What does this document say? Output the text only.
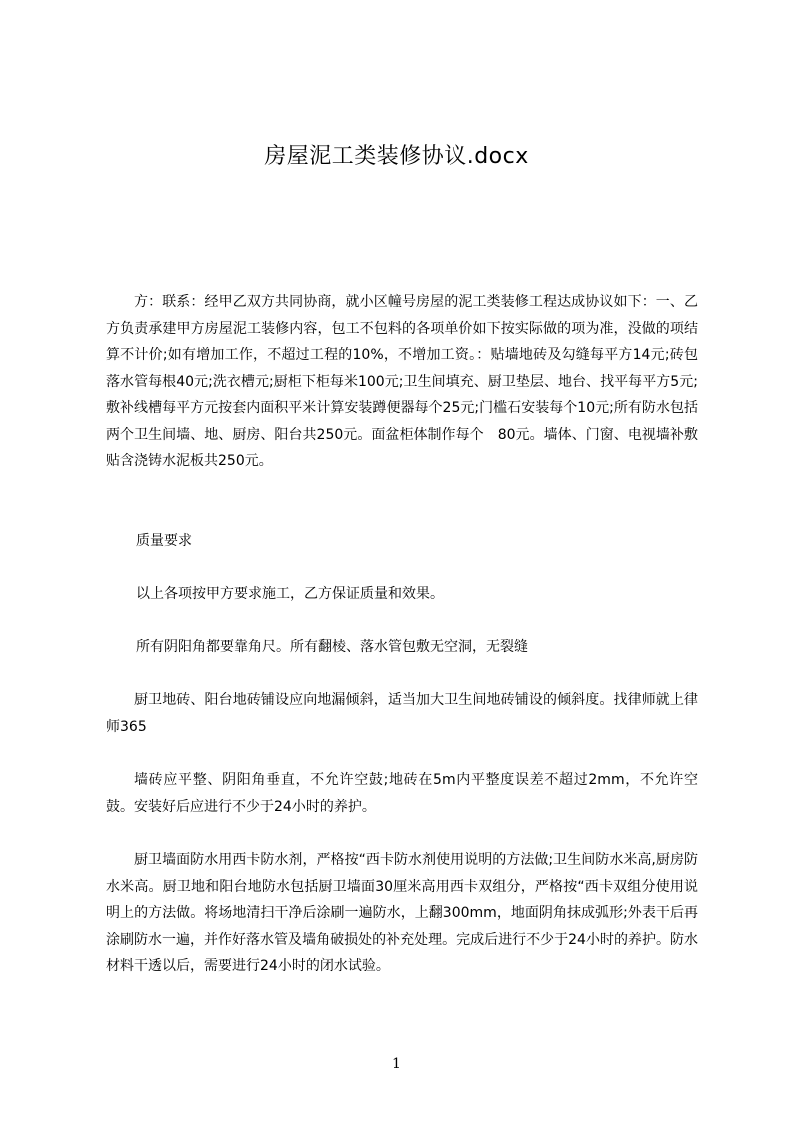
房屋泥工类装修协议.docx

方：联系：经甲乙双方共同协商，就小区幢号房屋的泥工类装修工程达成协议如下：一、乙方负责承建甲方房屋泥工装修内容，包工不包料的各项单价如下按实际做的项为准，没做的项结算不计价;如有增加工作，不超过工程的10%，不增加工资。：贴墙地砖及勾缝每平方14元;砖包落水管每根40元;洗衣槽元;厨柜下柜每米100元;卫生间填充、厨卫垫层、地台、找平每平方5元;敷补线槽每平方元按套内面积平米计算安装蹲便器每个25元;门槛石安装每个10元;所有防水包括两个卫生间墙、地、厨房、阳台共250元。面盆柜体制作每个　80元。墙体、门窗、电视墙补敷贴含浇铸水泥板共250元。

质量要求

以上各项按甲方要求施工，乙方保证质量和效果。

所有阴阳角都要靠角尺。所有翻棱、落水管包敷无空洞，无裂缝

厨卫地砖、阳台地砖铺设应向地漏倾斜，适当加大卫生间地砖铺设的倾斜度。找律师就上律师365

墙砖应平整、阴阳角垂直，不允许空鼓;地砖在5m内平整度误差不超过2mm，不允许空鼓。安装好后应进行不少于24小时的养护。

厨卫墙面防水用西卡防水剂，严格按“西卡防水剂使用说明的方法做;卫生间防水米高,厨房防水米高。厨卫地和阳台地防水包括厨卫墙面30厘米高用西卡双组分，严格按“西卡双组分使用说明上的方法做。将场地清扫干净后涂刷一遍防水，上翻300mm，地面阴角抹成弧形;外表干后再涂刷防水一遍，并作好落水管及墙角破损处的补充处理。完成后进行不少于24小时的养护。防水材料干透以后，需要进行24小时的闭水试验。

1
